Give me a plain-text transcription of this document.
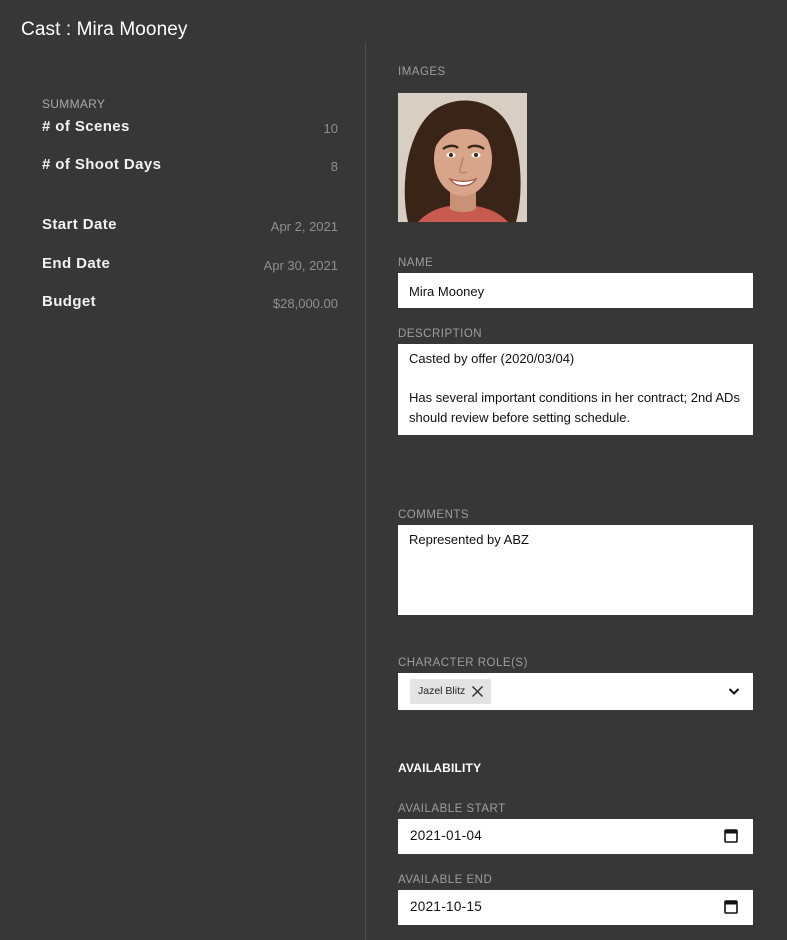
Cast : Mira Mooney
SUMMARY
# of Scenes	10
# of Shoot Days	8
Start Date	Apr 2, 2021
End Date	Apr 30, 2021
Budget	$28,000.00
IMAGES
NAME
Mira Mooney
DESCRIPTION
Casted by offer (2020/03/04)

Has several important conditions in her contract; 2nd ADs should review before setting schedule.
COMMENTS
Represented by ABZ
CHARACTER ROLE(S)
Jazel Blitz
AVAILABILITY
AVAILABLE START
2021-01-04
AVAILABLE END
2021-10-15
